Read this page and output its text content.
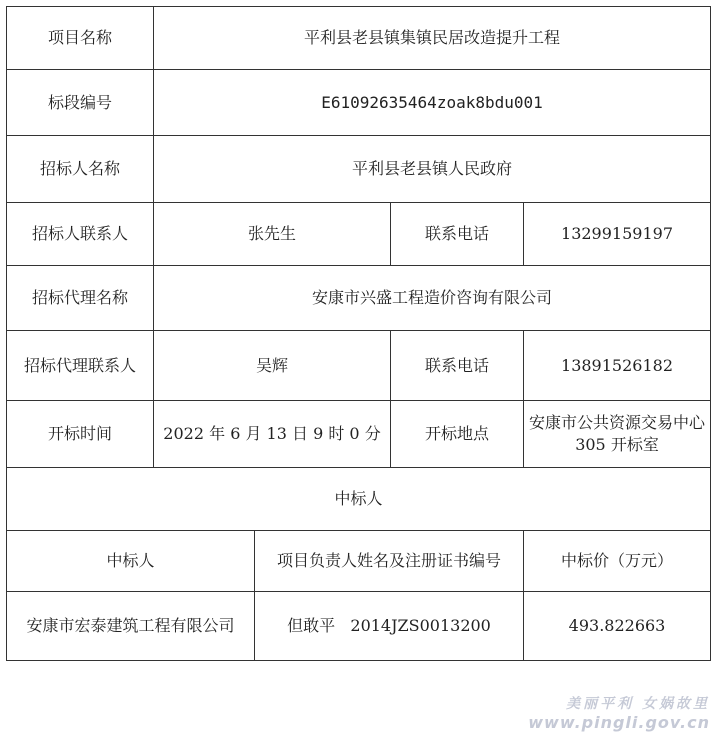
项目名称	平利县老县镇集镇民居改造提升工程			
标段编号	E61092635464zoak8bdu001			
招标人名称	平利县老县镇人民政府			
招标人联系人	张先生		联系电话	13299159197
招标代理名称	安康市兴盛工程造价咨询有限公司			
招标代理联系人	吴辉		联系电话	13891526182
开标时间	2022 年 6 月 13 日 9 时 0 分		开标地点	安康市公共资源交易中心 305 开标室
中标人				
中标人		项目负责人姓名及注册证书编号		中标价（万元）
安康市宏泰建筑工程有限公司		但敢平   2014JZS0013200		493.822663
美丽平利 女娲故里
www.pingli.gov.cn
